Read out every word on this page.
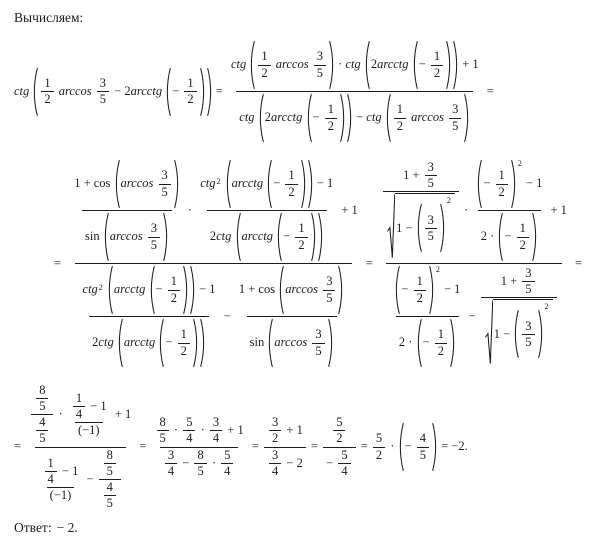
Вычисляем:
ctg $\frac{1}{2}$ $\arccos \frac{3}{5} - 2$ arcctg − $\frac{1}{2}$ =
ctg $\frac{1}{2}$ $\arccos \frac{3}{5}$ · ctg 2 arcctg − $\frac{1}{2} + 1$
ctg 2 arcctg − $\frac{1}{2}$ − ctg $\frac{1}{2}$ $\arccos \frac{3}{5}$
=
=
$\frac{1 + \cos \arccos \frac{3}{5}}{\sin \arccos \frac{3}{5}}$ ·
ctg 2
arcctg − $\frac{1}{2} - 1$
2 ctg arcctg − $\frac{1}{2}$
+ 1
ctg 2
arcctg − $\frac{1}{2} - 1$
2 ctg arcctg − $\frac{1}{2}$
− $\frac{1 + \cos \arccos \frac{3}{5}}{\sin \arccos \frac{3}{5}}$
= $1 + \frac{3}{5}$
$1 - \frac{3}{5}$
2 · − $\frac{1}{2}$
2
− 1
2 · − $\frac{1}{2} + 1$
− $\frac{1}{2}$
2
− 1
2 · − $\frac{1}{2} - 1 + \frac{3}{5}$
$1 - \frac{3}{5}$
2 =
= $\frac{\frac{\frac{8}{5}}{\frac{4}{5}} \cdot \frac{\frac{1}{4} - 1}{(-1)} + 1}{\frac{\frac{1}{4} - 1}{(-1)} - \frac{\frac{8}{5}}{\frac{4}{5}}} = \frac{\frac{8}{5} \cdot \frac{5}{4} \cdot \frac{3}{4} + 1}{\frac{3}{4} - \frac{8}{5} \cdot \frac{5}{4}} = \frac{\frac{3}{2} + 1}{\frac{3}{4} - 2} = \frac{\frac{5}{2}}{- \frac{5}{4}} = \frac{5}{2}$ · − $\frac{4}{5} = -2$.
Ответ: − 2.
